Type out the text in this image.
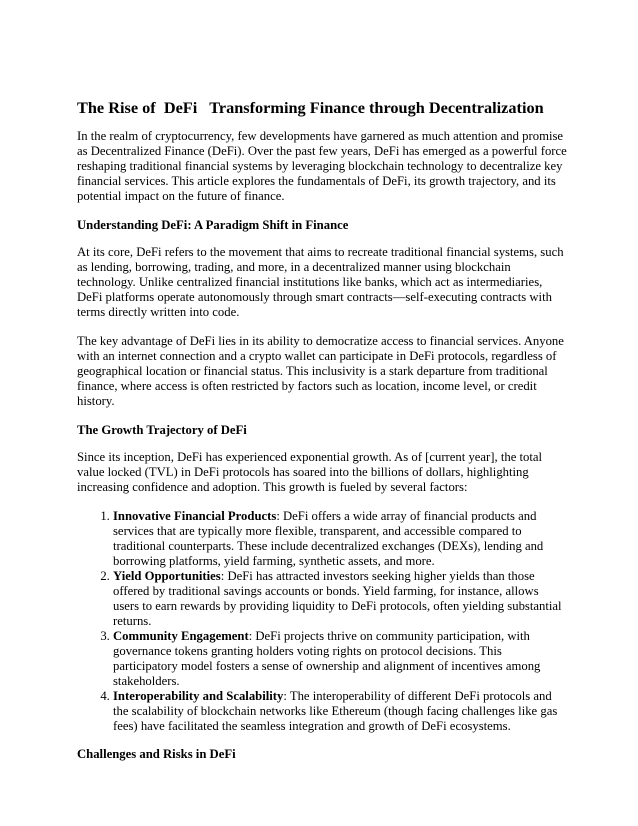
The Rise of  DeFi   Transforming Finance through Decentralization

In the realm of cryptocurrency, few developments have garnered as much attention and promise as Decentralized Finance (DeFi). Over the past few years, DeFi has emerged as a powerful force reshaping traditional financial systems by leveraging blockchain technology to decentralize key financial services. This article explores the fundamentals of DeFi, its growth trajectory, and its potential impact on the future of finance.

Understanding DeFi: A Paradigm Shift in Finance

At its core, DeFi refers to the movement that aims to recreate traditional financial systems, such as lending, borrowing, trading, and more, in a decentralized manner using blockchain technology. Unlike centralized financial institutions like banks, which act as intermediaries, DeFi platforms operate autonomously through smart contracts—self-executing contracts with terms directly written into code.

The key advantage of DeFi lies in its ability to democratize access to financial services. Anyone with an internet connection and a crypto wallet can participate in DeFi protocols, regardless of geographical location or financial status. This inclusivity is a stark departure from traditional finance, where access is often restricted by factors such as location, income level, or credit history.

The Growth Trajectory of DeFi

Since its inception, DeFi has experienced exponential growth. As of [current year], the total value locked (TVL) in DeFi protocols has soared into the billions of dollars, highlighting increasing confidence and adoption. This growth is fueled by several factors:

1. Innovative Financial Products: DeFi offers a wide array of financial products and services that are typically more flexible, transparent, and accessible compared to traditional counterparts. These include decentralized exchanges (DEXs), lending and borrowing platforms, yield farming, synthetic assets, and more.
2. Yield Opportunities: DeFi has attracted investors seeking higher yields than those offered by traditional savings accounts or bonds. Yield farming, for instance, allows users to earn rewards by providing liquidity to DeFi protocols, often yielding substantial returns.
3. Community Engagement: DeFi projects thrive on community participation, with governance tokens granting holders voting rights on protocol decisions. This participatory model fosters a sense of ownership and alignment of incentives among stakeholders.
4. Interoperability and Scalability: The interoperability of different DeFi protocols and the scalability of blockchain networks like Ethereum (though facing challenges like gas fees) have facilitated the seamless integration and growth of DeFi ecosystems.
Challenges and Risks in DeFi
